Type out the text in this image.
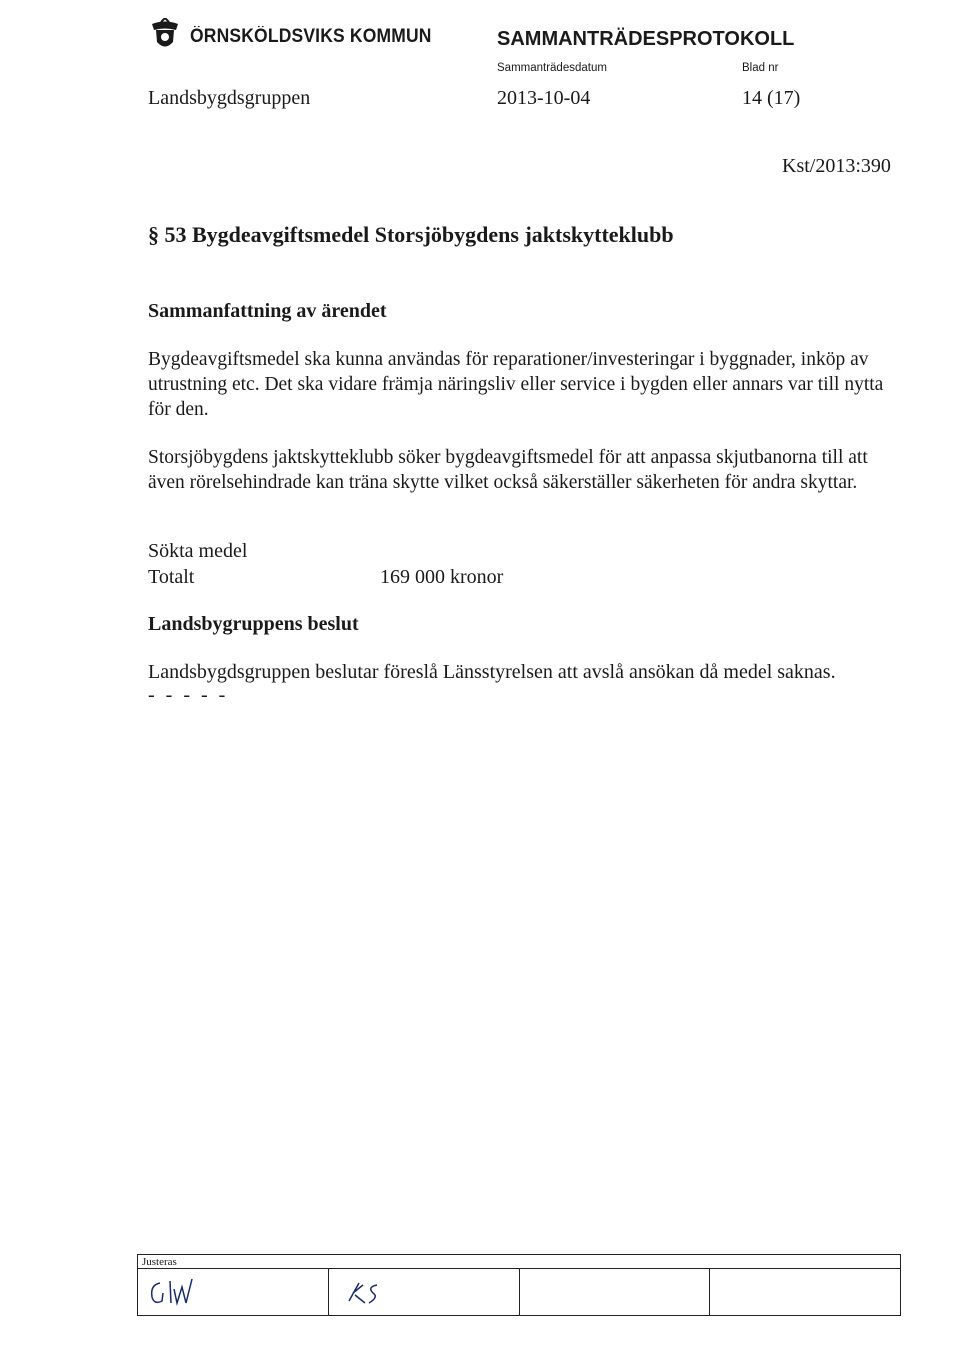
ÖRNSKÖLDSVIKS KOMMUN	SAMMANTRÄDESPROTOKOLL
Sammanträdesdatum	Blad nr
Landsbygdsgruppen	2013-10-04	14 (17)
Kst/2013:390
§ 53 Bygdeavgiftsmedel Storsjöbygdens jaktskytteklubb
Sammanfattning av ärendet
Bygdeavgiftsmedel ska kunna användas för reparationer/investeringar i byggnader, inköp av utrustning etc. Det ska vidare främja näringsliv eller service i bygden eller annars var till nytta för den.
Storsjöbygdens jaktskytteklubb söker bygdeavgiftsmedel för att anpassa skjutbanorna till att även rörelsehindrade kan träna skytte vilket också säkerställer säkerheten för andra skyttar.
Sökta medel
Totalt	169 000 kronor
Landsbygruppens beslut
Landsbygdsgruppen beslutar föreslå Länsstyrelsen att avslå ansökan då medel saknas.
- - - - -
Justeras
